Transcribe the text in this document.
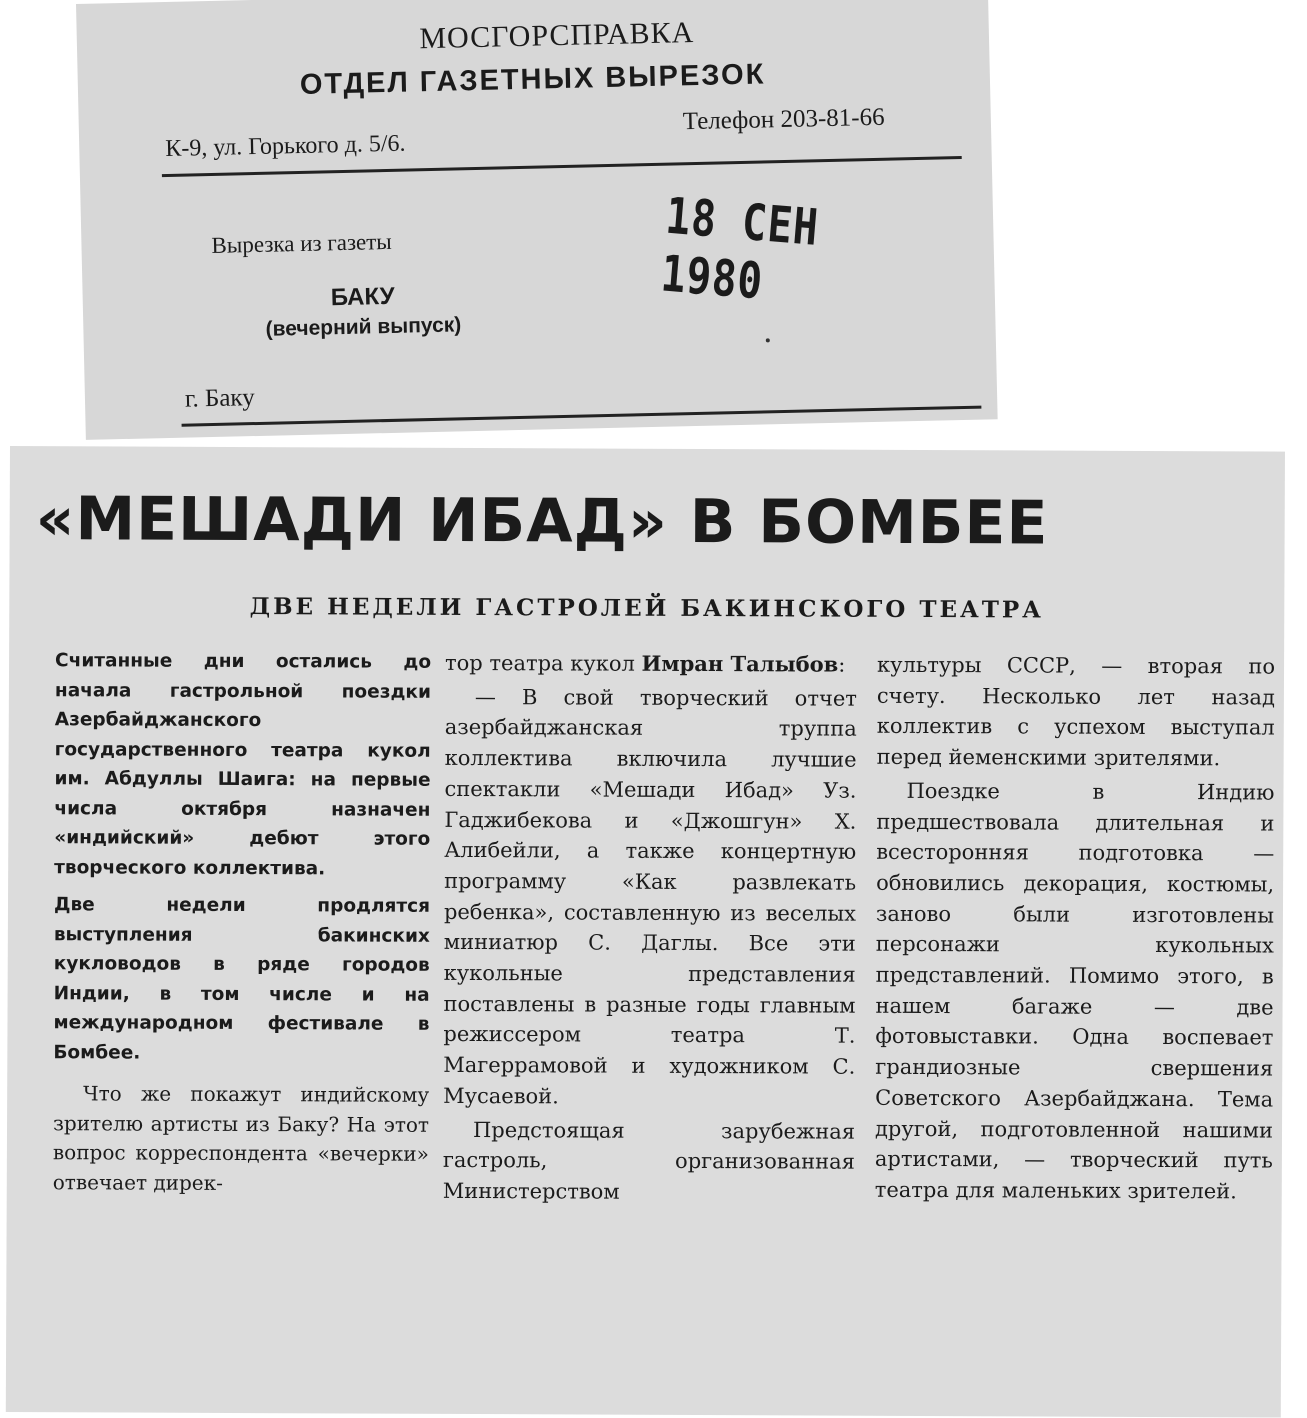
МОСГОРСПРАВКА
ОТДЕЛ ГАЗЕТНЫХ ВЫРЕЗОК
Телефон 203-81-66
К-9, ул. Горького д. 5/6.
Вырезка из газеты
БАКУ
(вечерний выпуск)
18 СЕН 1980
г. Баку
«МЕШАДИ ИБАД» В БОМБЕЕ
ДВЕ НЕДЕЛИ ГАСТРОЛЕЙ БАКИНСКОГО ТЕАТРА

Считанные дни остались до начала гастрольной поездки Азербайджанского государственного театра кукол им. Абдуллы Шаига: на первые числа октября назначен «индийский» дебют этого творческого коллектива.

Две недели продлятся выступления бакинских кукловодов в ряде городов Индии, в том числе и на международном фестивале в Бомбее.

Что же покажут индийскому зрителю артисты из Баку? На этот вопрос корреспондента «вечерки» отвечает дирек-

тор театра кукол Имран Талыбов:

— В свой творческий отчет азербайджанская труппа коллектива включила лучшие спектакли «Мешади Ибад» Уз. Гаджибекова и «Джошгун» Х. Алибейли, а также концертную программу «Как развлекать ребенка», составленную из веселых миниатюр С. Даглы. Все эти кукольные представления поставлены в разные годы главным режиссером театра Т. Магеррамовой и художником С. Мусаевой.

Предстоящая зарубежная гастроль, организованная Министерством

культуры СССР, — вторая по счету. Несколько лет назад коллектив с успехом выступал перед йеменскими зрителями.

Поездке в Индию предшествовала длительная и всесторонняя подготовка — обновились декорация, костюмы, заново были изготовлены персонажи кукольных представлений. Помимо этого, в нашем багаже — две фотовыставки. Одна воспевает грандиозные свершения Советского Азербайджана. Тема другой, подготовленной нашими артистами, — творческий путь театра для маленьких зрителей.
